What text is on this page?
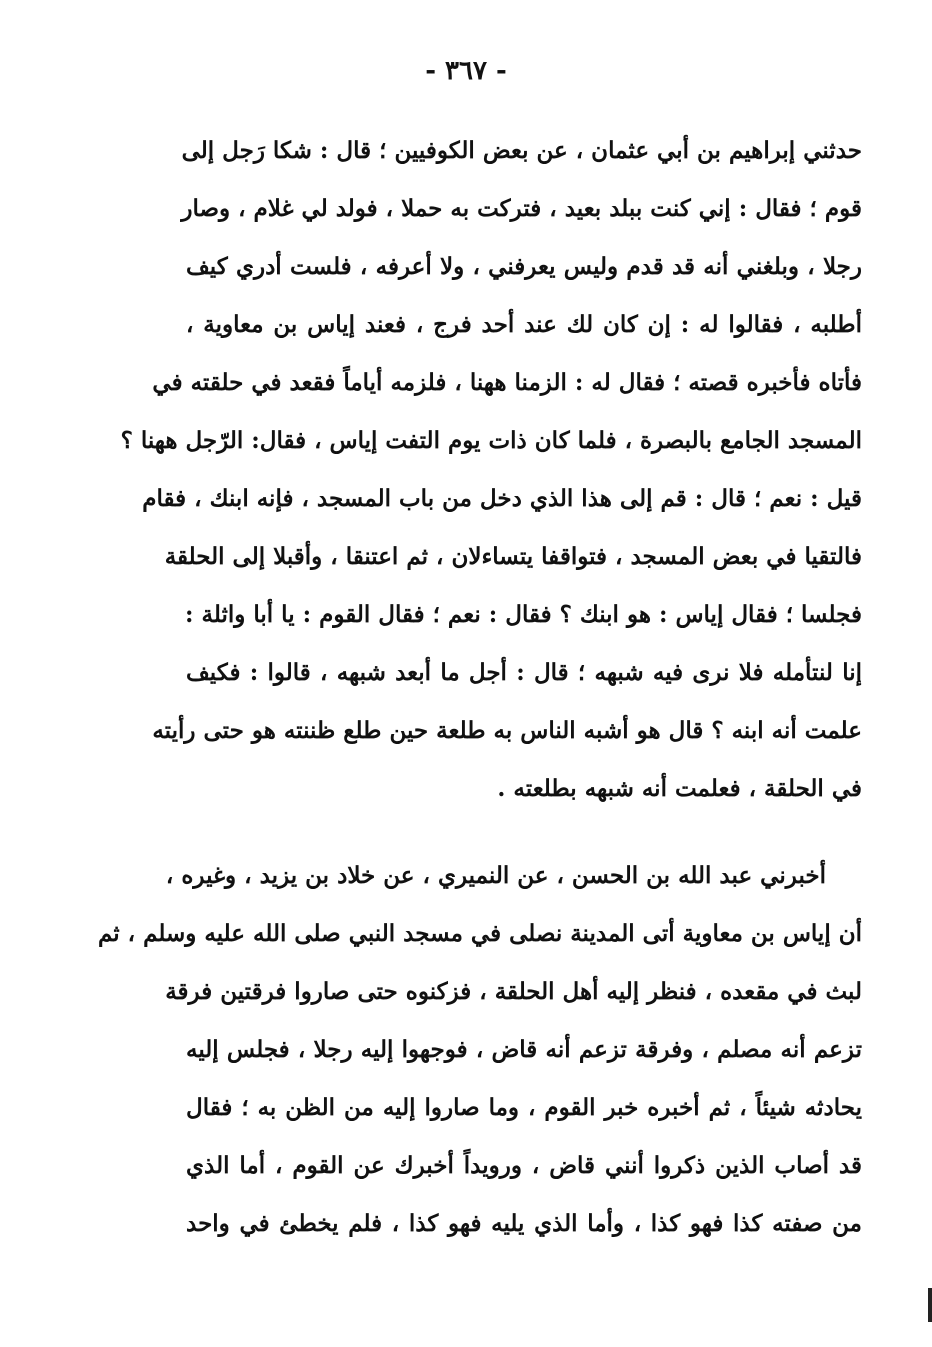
- ٣٦٧ -
حدثني إبراهيم بن أبي عثمان ، عن بعض الكوفيين ؛ قال : شكا رَجل إلى
قوم ؛ فقال : إني كنت ببلد بعيد ، فتركت به حملا ، فولد لي غلام ، وصار
رجلا ، وبلغني أنه قد قدم وليس يعرفني ، ولا أعرفه ، فلست أدري كيف
أطلبه ، فقالوا له : إن كان لك عند أحد فرج ، فعند إياس بن معاوية ،
فأتاه فأخبره قصته ؛ فقال له : الزمنا ههنا ، فلزمه أياماً فقعد في حلقته في
المسجد الجامع بالبصرة ، فلما كان ذات يوم التفت إياس ، فقال: الرّجل ههنا ؟
قيل : نعم ؛ قال : قم إلى هذا الذي دخل من باب المسجد ، فإنه ابنك ، فقام
فالتقيا في بعض المسجد ، فتواقفا يتساءلان ، ثم اعتنقا ، وأقبلا إلى الحلقة
فجلسا ؛ فقال إياس : هو ابنك ؟ فقال : نعم ؛ فقال القوم : يا أبا واثلة :
إنا لنتأمله فلا نرى فيه شبهه ؛ قال : أجل ما أبعد شبهه ، قالوا : فكيف
علمت أنه ابنه ؟ قال هو أشبه الناس به طلعة حين طلع ظننته هو حتى رأيته
في الحلقة ، فعلمت أنه شبهه بطلعته .
أخبرني عبد الله بن الحسن ، عن النميري ، عن خلاد بن يزيد ، وغيره ،
أن إياس بن معاوية أتى المدينة نصلى في مسجد النبي صلى الله عليه وسلم ، ثم
لبث في مقعده ، فنظر إليه أهل الحلقة ، فزكنوه حتى صاروا فرقتين فرقة
تزعم أنه مصلم ، وفرقة تزعم أنه قاض ، فوجهوا إليه رجلا ، فجلس إليه
يحادثه شيئاً ، ثم أخبره خبر القوم ، وما صاروا إليه من الظن به ؛ فقال
قد أصاب الذين ذكروا أنني قاض ، ورويداً أخبرك عن القوم ، أما الذي
من صفته كذا فهو كذا ، وأما الذي يليه فهو كذا ، فلم يخطئ في واحد
